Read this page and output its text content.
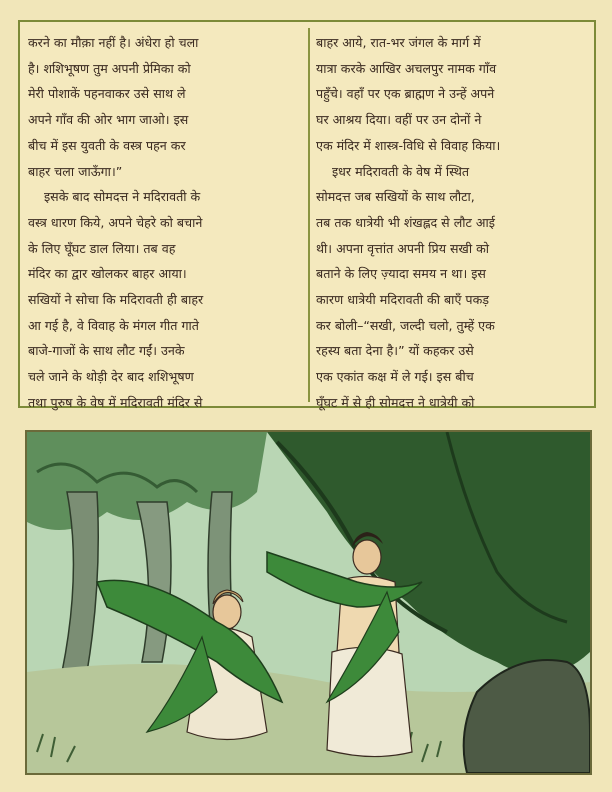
करने का मौक़ा नहीं है। अंधेरा हो चला
है। शशिभूषण तुम अपनी प्रेमिका को
मेरी पोशाकें पहनवाकर उसे साथ ले
अपने गाँव की ओर भाग जाओ। इस
बीच में इस युवती के वस्त्र पहन कर
बाहर चला जाऊँगा।”
इसके बाद सोमदत्त ने मदिरावती के
वस्त्र धारण किये, अपने चेहरे को बचाने
के लिए घूँघट डाल लिया। तब वह
मंदिर का द्वार खोलकर बाहर आया।
सखियों ने सोचा कि मदिरावती ही बाहर
आ गई है, वे विवाह के मंगल गीत गाते
बाजे-गाजों के साथ लौट गईं। उनके
चले जाने के थोड़ी देर बाद शशिभूषण
तथा पुरुष के वेष में मदिरावती मंदिर से
बाहर आये, रात-भर जंगल के मार्ग में
यात्रा करके आखिर अचलपुर नामक गाँव
पहुँचे। वहाँ पर एक ब्राह्मण ने उन्हें अपने
घर आश्रय दिया। वहीं पर उन दोनों ने
एक मंदिर में शास्त्र-विधि से विवाह किया।
इधर मदिरावती के वेष में स्थित
सोमदत्त जब सखियों के साथ लौटा,
तब तक धात्रेयी भी शंखह्लद से लौट आई
थी। अपना वृत्तांत अपनी प्रिय सखी को
बताने के लिए ज़्यादा समय न था। इस
कारण धात्रेयी मदिरावती की बाएँ पकड़
कर बोली–“सखी, जल्दी चलो, तुम्हें एक
रहस्य बता देना है।” यों कहकर उसे
एक एकांत कक्ष में ले गई। इस बीच
घूँघट में से ही सोमदत्त ने धात्रेयी को
